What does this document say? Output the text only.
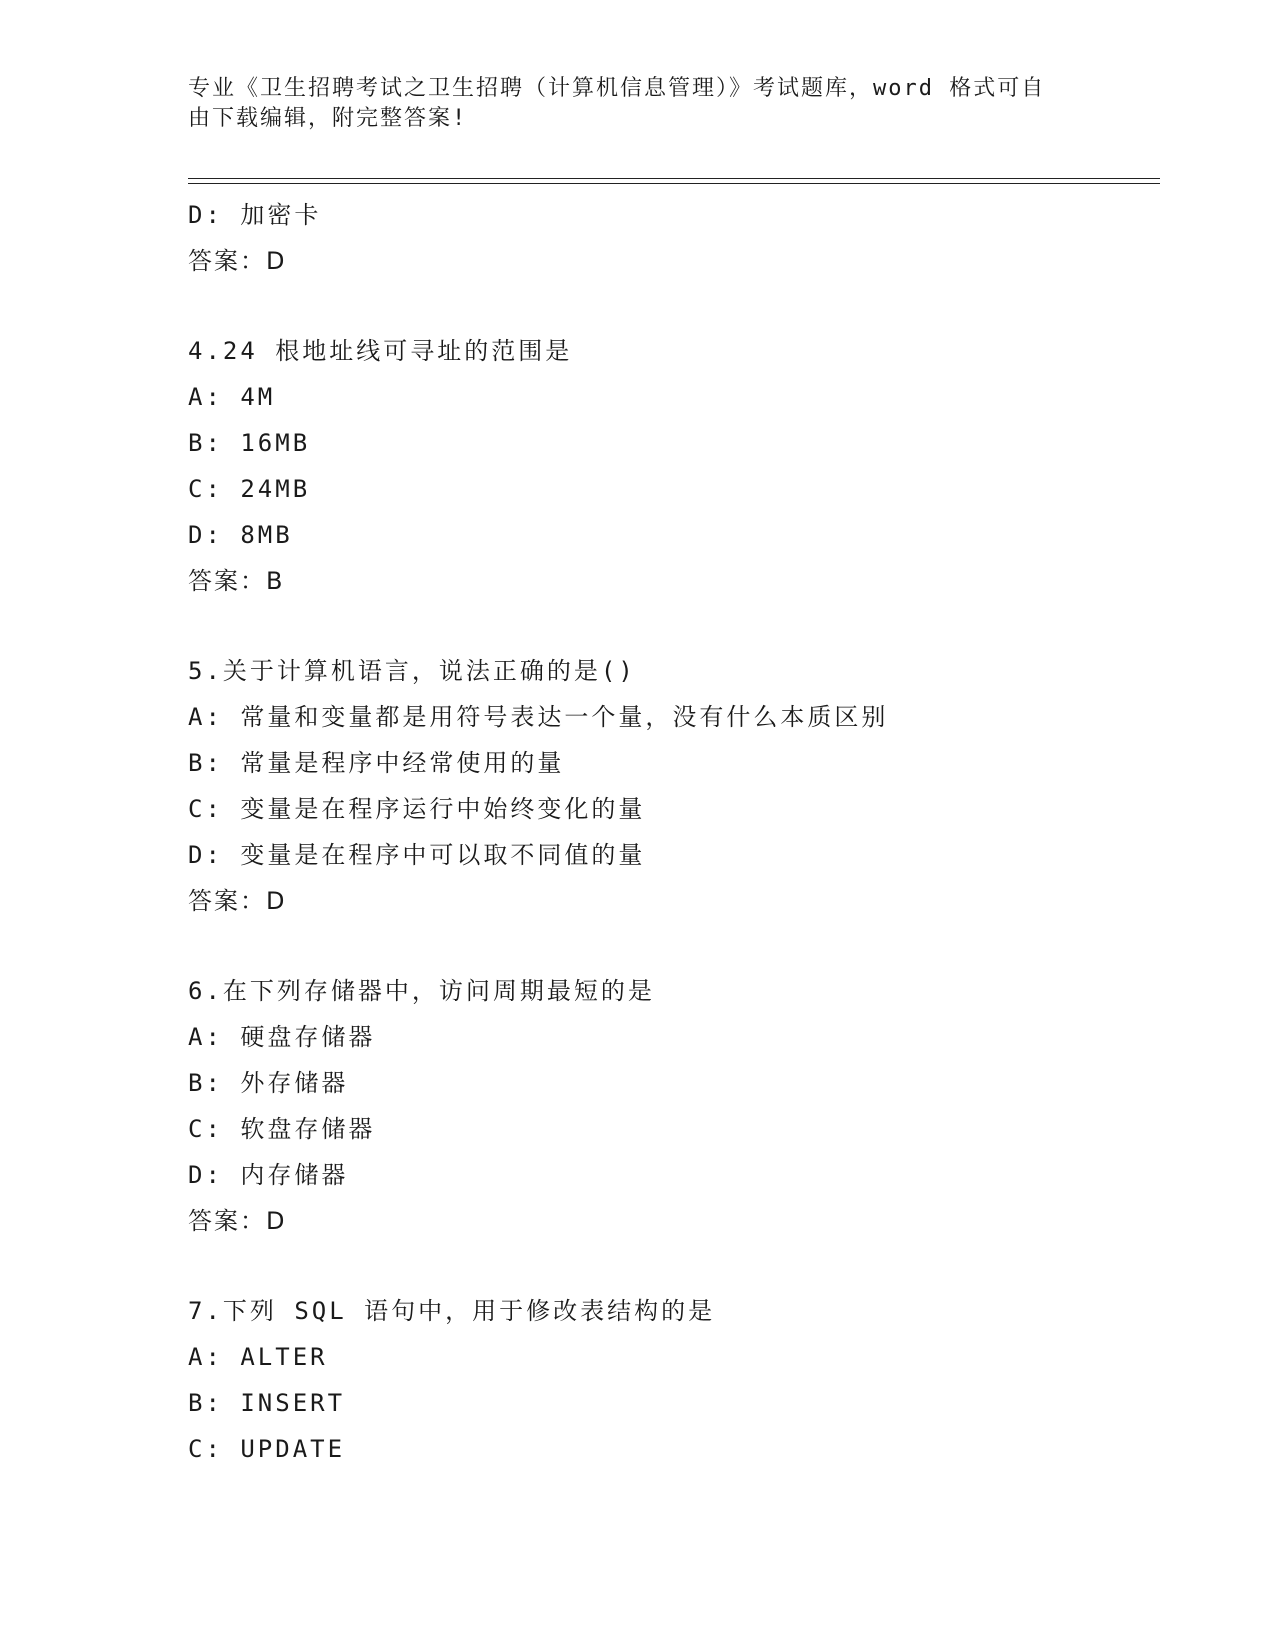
专业《卫生招聘考试之卫生招聘（计算机信息管理）》考试题库，word 格式可自
由下载编辑，附完整答案!
D: 加密卡
答案：D
4.24 根地址线可寻址的范围是
A: 4M
B: 16MB
C: 24MB
D: 8MB
答案：B
5.关于计算机语言，说法正确的是()
A: 常量和变量都是用符号表达一个量，没有什么本质区别
B: 常量是程序中经常使用的量
C: 变量是在程序运行中始终变化的量
D: 变量是在程序中可以取不同值的量
答案：D
6.在下列存储器中，访问周期最短的是
A: 硬盘存储器
B: 外存储器
C: 软盘存储器
D: 内存储器
答案：D
7.下列 SQL 语句中，用于修改表结构的是
A: ALTER
B: INSERT
C: UPDATE
